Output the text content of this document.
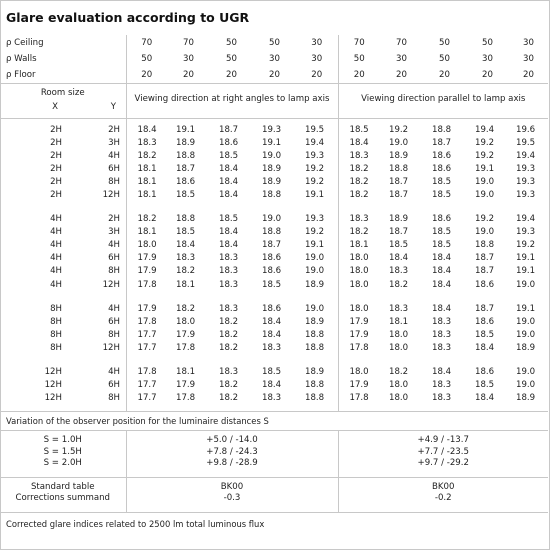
Glare evaluation according to UGR
ρ Ceiling	70	70	50	50	30	70	70	50	50	30
ρ Walls	50	30	50	30	30	50	30	50	30	30
ρ Floor	20	20	20	20	20	20	20	20	20	20
Room size	Viewing direction at right angles to lamp axis					Viewing direction parallel to lamp axis				
X Y										

2H 2H	18.4	19.1	18.7	19.3	19.5	18.5	19.2	18.8	19.4	19.6
2H 3H	18.3	18.9	18.6	19.1	19.4	18.4	19.0	18.7	19.2	19.5
2H 4H	18.2	18.8	18.5	19.0	19.3	18.3	18.9	18.6	19.2	19.4
2H 6H	18.1	18.7	18.4	18.9	19.2	18.2	18.8	18.6	19.1	19.3
2H 8H	18.1	18.6	18.4	18.9	19.2	18.2	18.7	18.5	19.0	19.3
2H 12H	18.1	18.5	18.4	18.8	19.1	18.2	18.7	18.5	19.0	19.3

4H 2H	18.2	18.8	18.5	19.0	19.3	18.3	18.9	18.6	19.2	19.4
4H 3H	18.1	18.5	18.4	18.8	19.2	18.2	18.7	18.5	19.0	19.3
4H 4H	18.0	18.4	18.4	18.7	19.1	18.1	18.5	18.5	18.8	19.2
4H 6H	17.9	18.3	18.3	18.6	19.0	18.0	18.4	18.4	18.7	19.1
4H 8H	17.9	18.2	18.3	18.6	19.0	18.0	18.3	18.4	18.7	19.1
4H 12H	17.8	18.1	18.3	18.5	18.9	18.0	18.2	18.4	18.6	19.0

8H 4H	17.9	18.2	18.3	18.6	19.0	18.0	18.3	18.4	18.7	19.1
8H 6H	17.8	18.0	18.2	18.4	18.9	17.9	18.1	18.3	18.6	19.0
8H 8H	17.7	17.9	18.2	18.4	18.8	17.9	18.0	18.3	18.5	19.0
8H 12H	17.7	17.8	18.2	18.3	18.8	17.8	18.0	18.3	18.4	18.9

12H 4H	17.8	18.1	18.3	18.5	18.9	18.0	18.2	18.4	18.6	19.0
12H 6H	17.7	17.9	18.2	18.4	18.8	17.9	18.0	18.3	18.5	19.0
12H 8H	17.7	17.8	18.2	18.3	18.8	17.8	18.0	18.3	18.4	18.9

Variation of the observer position for the luminaire distances S										

S = 1.0H	+5.0 / -14.0					+4.9 / -13.7				
S = 1.5H	+7.8 / -24.3					+7.7 / -23.5				
S = 2.0H	+9.8 / -28.9					+9.7 / -29.2				

Standard table	BK00					BK00				
Corrections summand	-0.3					-0.2				

Corrected glare indices related to 2500 lm total luminous flux										
